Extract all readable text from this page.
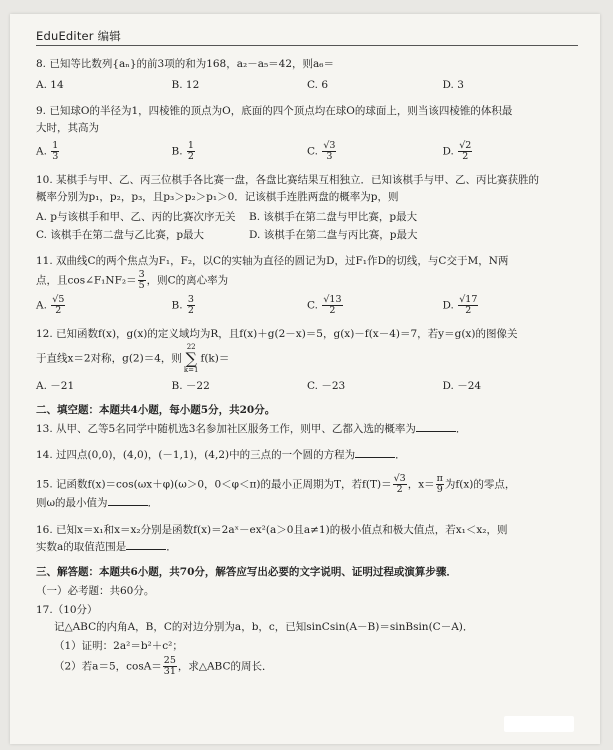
EduEditer 编辑
8. 已知等比数列{aₙ}的前3项的和为168，a₂－a₅＝42，则a₆＝
A. 14	B. 12	C. 6	D. 3
9. 已知球O的半径为1，四棱锥的顶点为O，底面的四个顶点均在球O的球面上，则当该四棱锥的体积最
大时，其高为
A. $\frac{1}{3}$	B. $\frac{1}{2}$	C. $\frac{√3}{3}$	D. $\frac{√2}{2}$
10. 某棋手与甲、乙、丙三位棋手各比赛一盘，各盘比赛结果互相独立．已知该棋手与甲、乙、丙比赛获胜的
概率分别为p₁，p₂，p₃，且p₃＞p₂＞p₁＞0．记该棋手连胜两盘的概率为p，则
A. p与该棋手和甲、乙、丙的比赛次序无关	B. 该棋手在第二盘与甲比赛，p最大
C. 该棋手在第二盘与乙比赛，p最大	D. 该棋手在第二盘与丙比赛，p最大
11. 双曲线C的两个焦点为F₁，F₂，以C的实轴为直径的圆记为D，过F₁作D的切线，与C交于M，N两
点，且cos∠F₁NF₂＝ $\frac{3}{5}$ ，则C的离心率为
A. $\frac{√5}{2}$	B. $\frac{3}{2}$	C. $\frac{√13}{2}$	D. $\frac{√17}{2}$
12. 已知函数f(x)，g(x)的定义域均为R，且f(x)＋g(2－x)＝5，g(x)－f(x－4)＝7，若y＝g(x)的图像关
于直线x＝2对称，g(2)＝4，则
22
∑
k=1
f(k)＝
A. －21	B. －22	C. －23	D. －24
二、填空题：本题共4小题，每小题5分，共20分。
13. 从甲、乙等5名同学中随机选3名参加社区服务工作，则甲、乙都入选的概率为	．
14. 过四点(0,0)，(4,0)，(－1,1)，(4,2)中的三点的一个圆的方程为	．
15. 记函数f(x)＝cos(ωx＋φ)(ω＞0，0＜φ＜π)的最小正周期为T，若$f(T)= \frac{√3}{2}$ ，$x= \frac{\pi}{9}$ 为f(x)的零点，
则ω的最小值为	．
16. 已知x＝x₁和x＝x₂分别是函数f(x)＝2aˣ－ex²(a＞0且a≠1)的极小值点和极大值点，若x₁＜x₂，则
实数a的取值范围是	．
三、解答题：本题共6小题，共70分，解答应写出必要的文字说明、证明过程或演算步骤．
（一）必考题：共60分。
17.（10分）
记△ABC的内角A，B，C的对边分别为a，b，c，已知sinCsin(A－B)＝sinBsin(C－A)．
（1）证明：2a²＝b²＋c²；
（2）若a＝5，$\cos A= \frac{25}{31}$ ，求△ABC的周长．
